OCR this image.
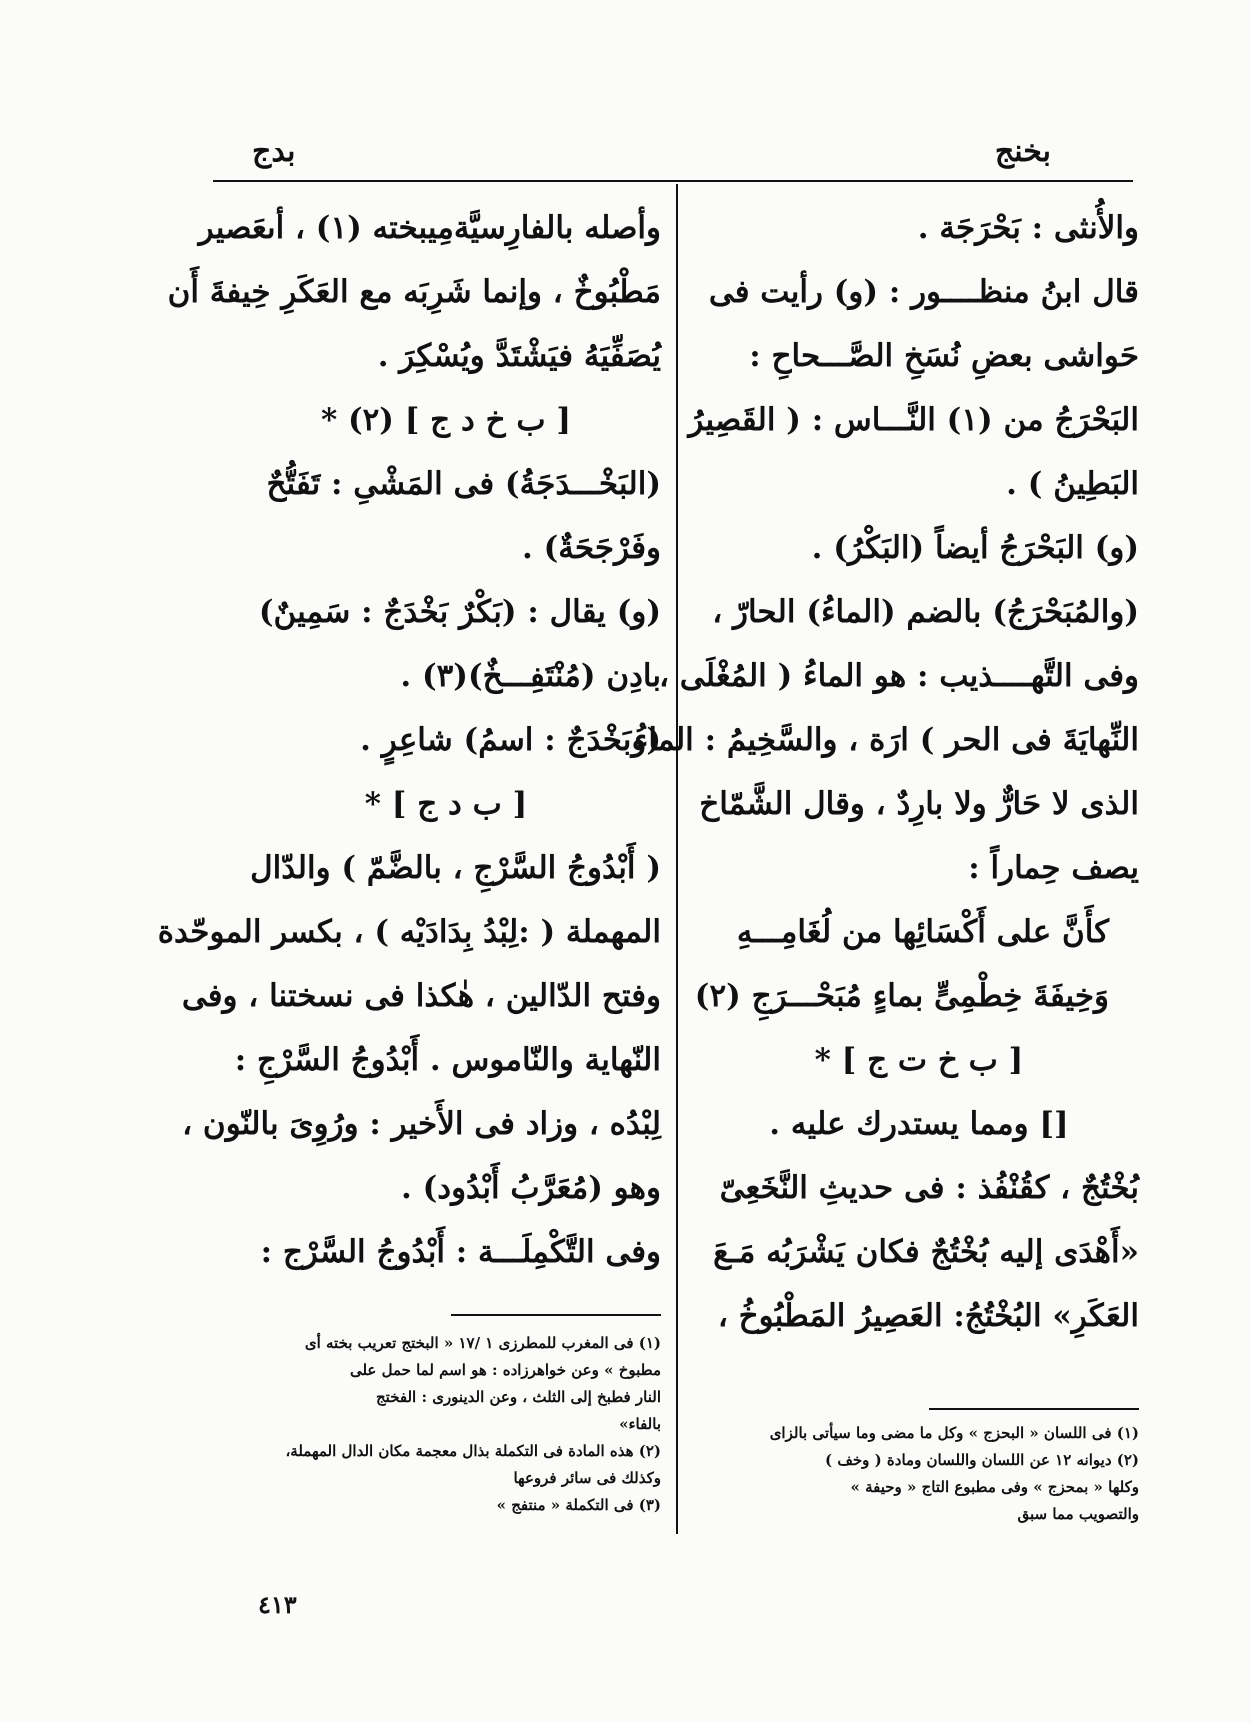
بخنج
بدج

والأُنثى : بَحْرَجَة .

قال ابنُ منظــــور : (و) رأيت فى

حَواشى بعضِ نُسَخِ الصَّـــحاحِ :

البَحْرَجُ من (١) النَّـــاس : ( القَصِيرُ

البَطِينُ ) .

(و) البَحْرَجُ أيضاً (البَكْرُ) .

(والمُبَحْرَجُ) بالضم (الماءُ) الحارّ ،

وفى التَّهــــذيب : هو الماءُ ( المُغْلَى ،

النِّهايَةَ فى الحر ) ارَة ، والسَّخِيمُ : الماءُ

الذى لا حَارٌّ ولا بارِدٌ ، وقال الشَّمّاخ

يصف حِماراً :

كأَنَّ على أَكْسَائِها من لُغَامِـــهِ

وَخِيفَةَ خِطْمِىٍّ بماءٍ مُبَحْـــرَجِ (٢)

[ ب خ ت ج ] *

[] ومما يستدرك عليه .

بُخْتُجٌ ، كقُنْفُذ : فى حديثِ النَّخَعِىّ

«أَهْدَى إليه بُخْتُجٌ فكان يَشْرَبُه مَـعَ

العَكَرِ» البُخْتُجُ: العَصِيرُ المَطْبُوخُ ،

(١) فى اللسان « البحزج » وكل ما مضى وما سيأتى بالزاى

(٢) ديوانه ١٢ عن اللسان واللسان ومادة ( وخف )

وكلها « بمحزج » وفى مطبوع التاج « وحيفة »

والتصويب مما سبق

وأصله بالفارِسيَّةمِيبخته (١) ، أىعَصير

مَطْبُوخٌ ، وإنما شَرِبَه مع العَكَرِ خِيفةَ أَن

يُصَفِّيَهُ فيَشْتَدَّ ويُسْكِرَ .

[ ب خ د ج ] (٢) *

(البَخْـــدَجَةُ) فى المَشْىِ : تَفَتُّحٌ

وفَرْجَحَةٌ) .

(و) يقال : (بَكْرٌ بَخْدَجٌ : سَمِينٌ)

بادِن (مُنْتَفِـــخٌ)(٣) .

(وبَخْدَجٌ : اسمُ) شاعِرٍ .

[ ب د ج ] *

( أَبْدُوجُ السَّرْجِ ، بالضَّمّ ) والدّال

المهملة ( :لِبْدُ بِدَادَيْه ) ، بكسر الموحّدة

وفتح الدّالين ، هٰكذا فى نسختنا ، وفى

النّهاية والنّاموس . أَبْدُوجُ السَّرْجِ :

لِبْدُه ، وزاد فى الأَخير : ورُوِىَ بالنّون ،

وهو (مُعَرَّبُ أَبْدُود) .

وفى التَّكْمِلَـــة : أَبْدُوجُ السَّرْج :

(١) فى المغرب للمطرزى ١ /١٧ « البختج تعريب بخته أى

مطبوخ » وعن خواهرزاده : هو اسم لما حمل على

النار فطبخ إلى الثلث ، وعن الدينورى : الفختج

بالفاء»

(٢) هذه المادة فى التكملة بذال معجمة مكان الدال المهملة،

وكذلك فى سائر فروعها

(٣) فى التكملة « منتفج »

٤١٣
